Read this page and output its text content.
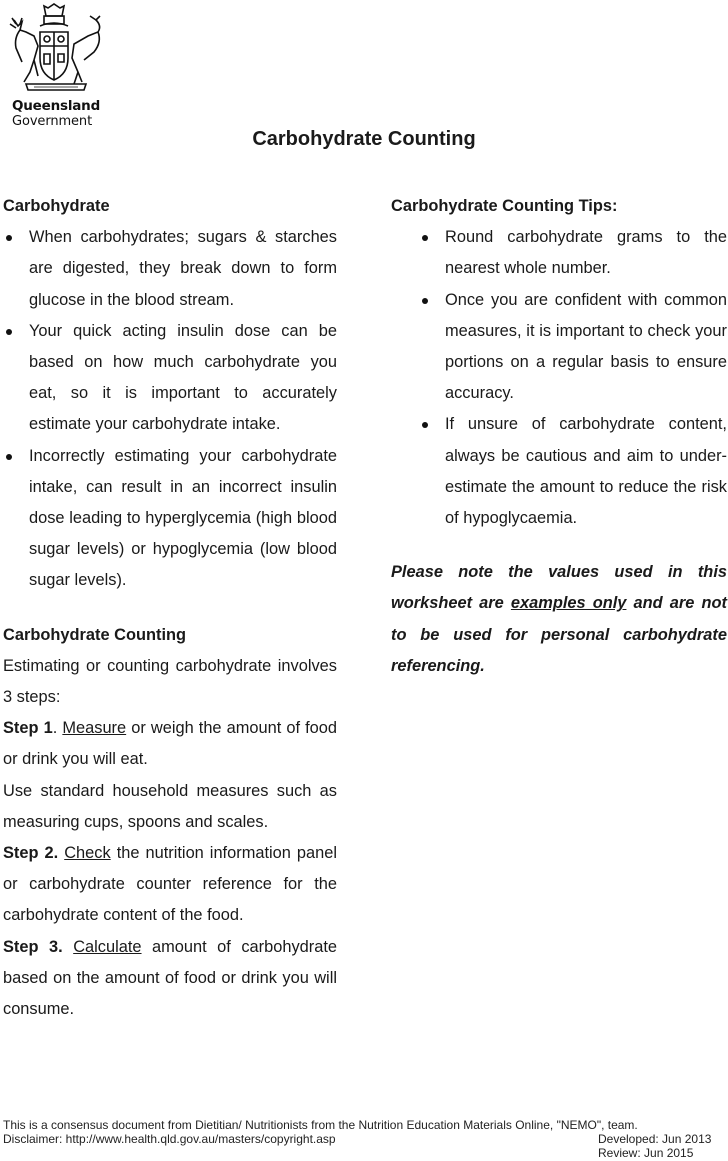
Queensland
Government
Carbohydrate Counting
Carbohydrate
When carbohydrates; sugars & starches are digested, they break down to form glucose in the blood stream.
Your quick acting insulin dose can be based on how much carbohydrate you eat, so it is important to accurately estimate your carbohydrate intake.
Incorrectly estimating your carbohydrate intake, can result in an incorrect insulin dose leading to hyperglycemia (high blood sugar levels) or hypoglycemia (low blood sugar levels).
Carbohydrate Counting
Estimating or counting carbohydrate involves 3 steps:
Step 1. Measure or weigh the amount of food or drink you will eat.
Use standard household measures such as measuring cups, spoons and scales.
Step 2. Check the nutrition information panel or carbohydrate counter reference for the carbohydrate content of the food.
Step 3. Calculate amount of carbohydrate based on the amount of food or drink you will consume.
Carbohydrate Counting Tips:
Round carbohydrate grams to the nearest whole number.
Once you are confident with common measures, it is important to check your portions on a regular basis to ensure accuracy.
If unsure of carbohydrate content, always be cautious and aim to under-estimate the amount to reduce the risk of hypoglycaemia.
Please note the values used in this worksheet are examples only and are not to be used for personal carbohydrate referencing.
This is a consensus document from Dietitian/ Nutritionists from the Nutrition Education Materials Online, "NEMO", team.
Disclaimer: http://www.health.qld.gov.au/masters/copyright.asp	Developed: Jun 2013
Review: Jun 2015
